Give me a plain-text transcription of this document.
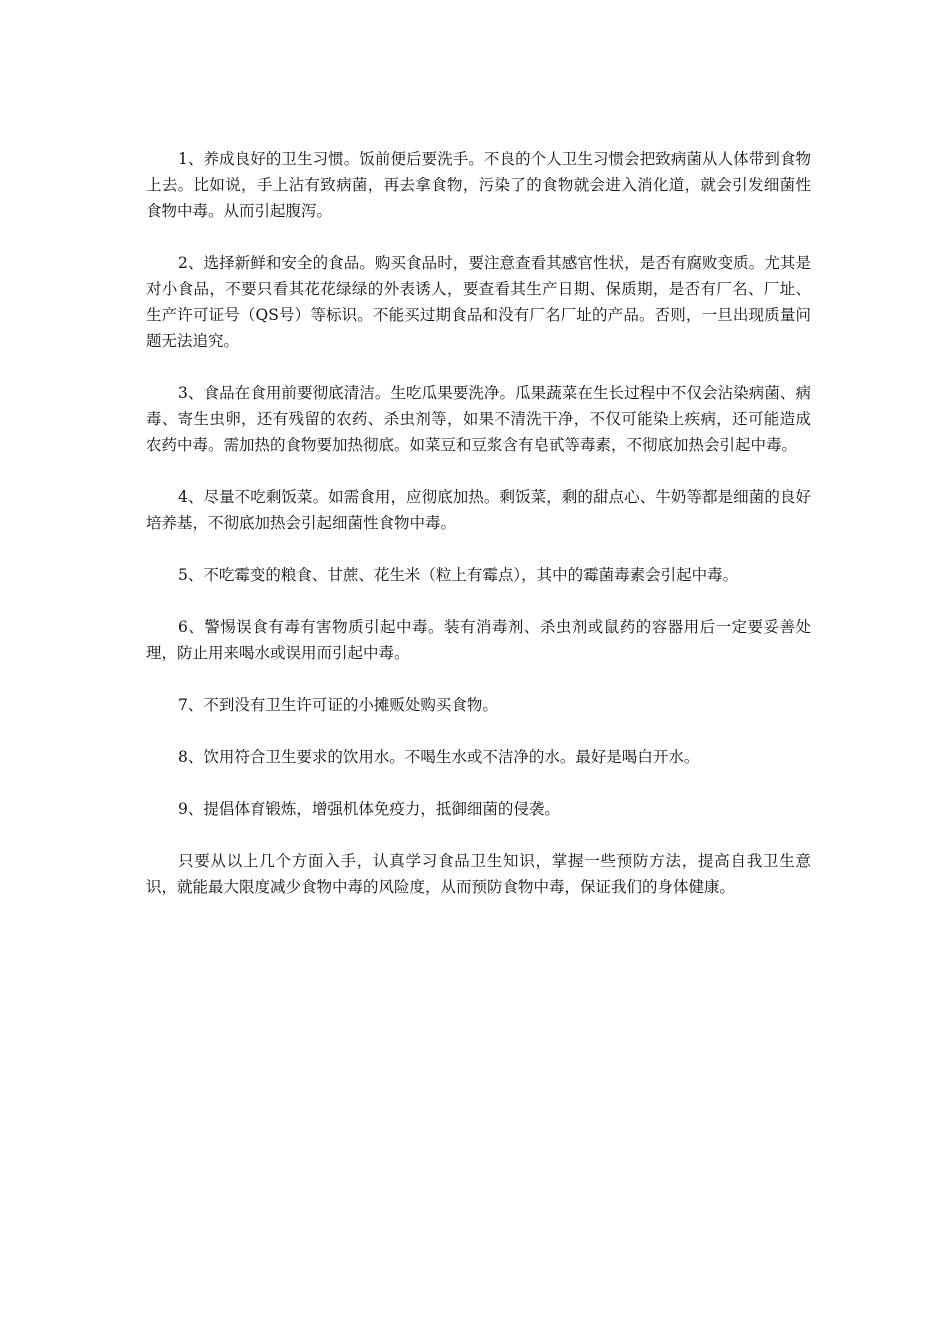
1、养成良好的卫生习惯。饭前便后要洗手。不良的个人卫生习惯会把致病菌从人体带到食物上去。比如说，手上沾有致病菌，再去拿食物，污染了的食物就会进入消化道，就会引发细菌性食物中毒。从而引起腹泻。

2、选择新鲜和安全的食品。购买食品时，要注意查看其感官性状，是否有腐败变质。尤其是对小食品，不要只看其花花绿绿的外表诱人，要查看其生产日期、保质期，是否有厂名、厂址、生产许可证号（QS号）等标识。不能买过期食品和没有厂名厂址的产品。否则，一旦出现质量问题无法追究。

3、食品在食用前要彻底清洁。生吃瓜果要洗净。瓜果蔬菜在生长过程中不仅会沾染病菌、病毒、寄生虫卵，还有残留的农药、杀虫剂等，如果不清洗干净，不仅可能染上疾病，还可能造成农药中毒。需加热的食物要加热彻底。如菜豆和豆浆含有皂甙等毒素，不彻底加热会引起中毒。

4、尽量不吃剩饭菜。如需食用，应彻底加热。剩饭菜，剩的甜点心、牛奶等都是细菌的良好培养基，不彻底加热会引起细菌性食物中毒。

5、不吃霉变的粮食、甘蔗、花生米（粒上有霉点），其中的霉菌毒素会引起中毒。

6、警惕误食有毒有害物质引起中毒。装有消毒剂、杀虫剂或鼠药的容器用后一定要妥善处理，防止用来喝水或误用而引起中毒。

7、不到没有卫生许可证的小摊贩处购买食物。

8、饮用符合卫生要求的饮用水。不喝生水或不洁净的水。最好是喝白开水。

9、提倡体育锻炼，增强机体免疫力，抵御细菌的侵袭。

只要从以上几个方面入手，认真学习食品卫生知识，掌握一些预防方法，提高自我卫生意识，就能最大限度减少食物中毒的风险度，从而预防食物中毒，保证我们的身体健康。
